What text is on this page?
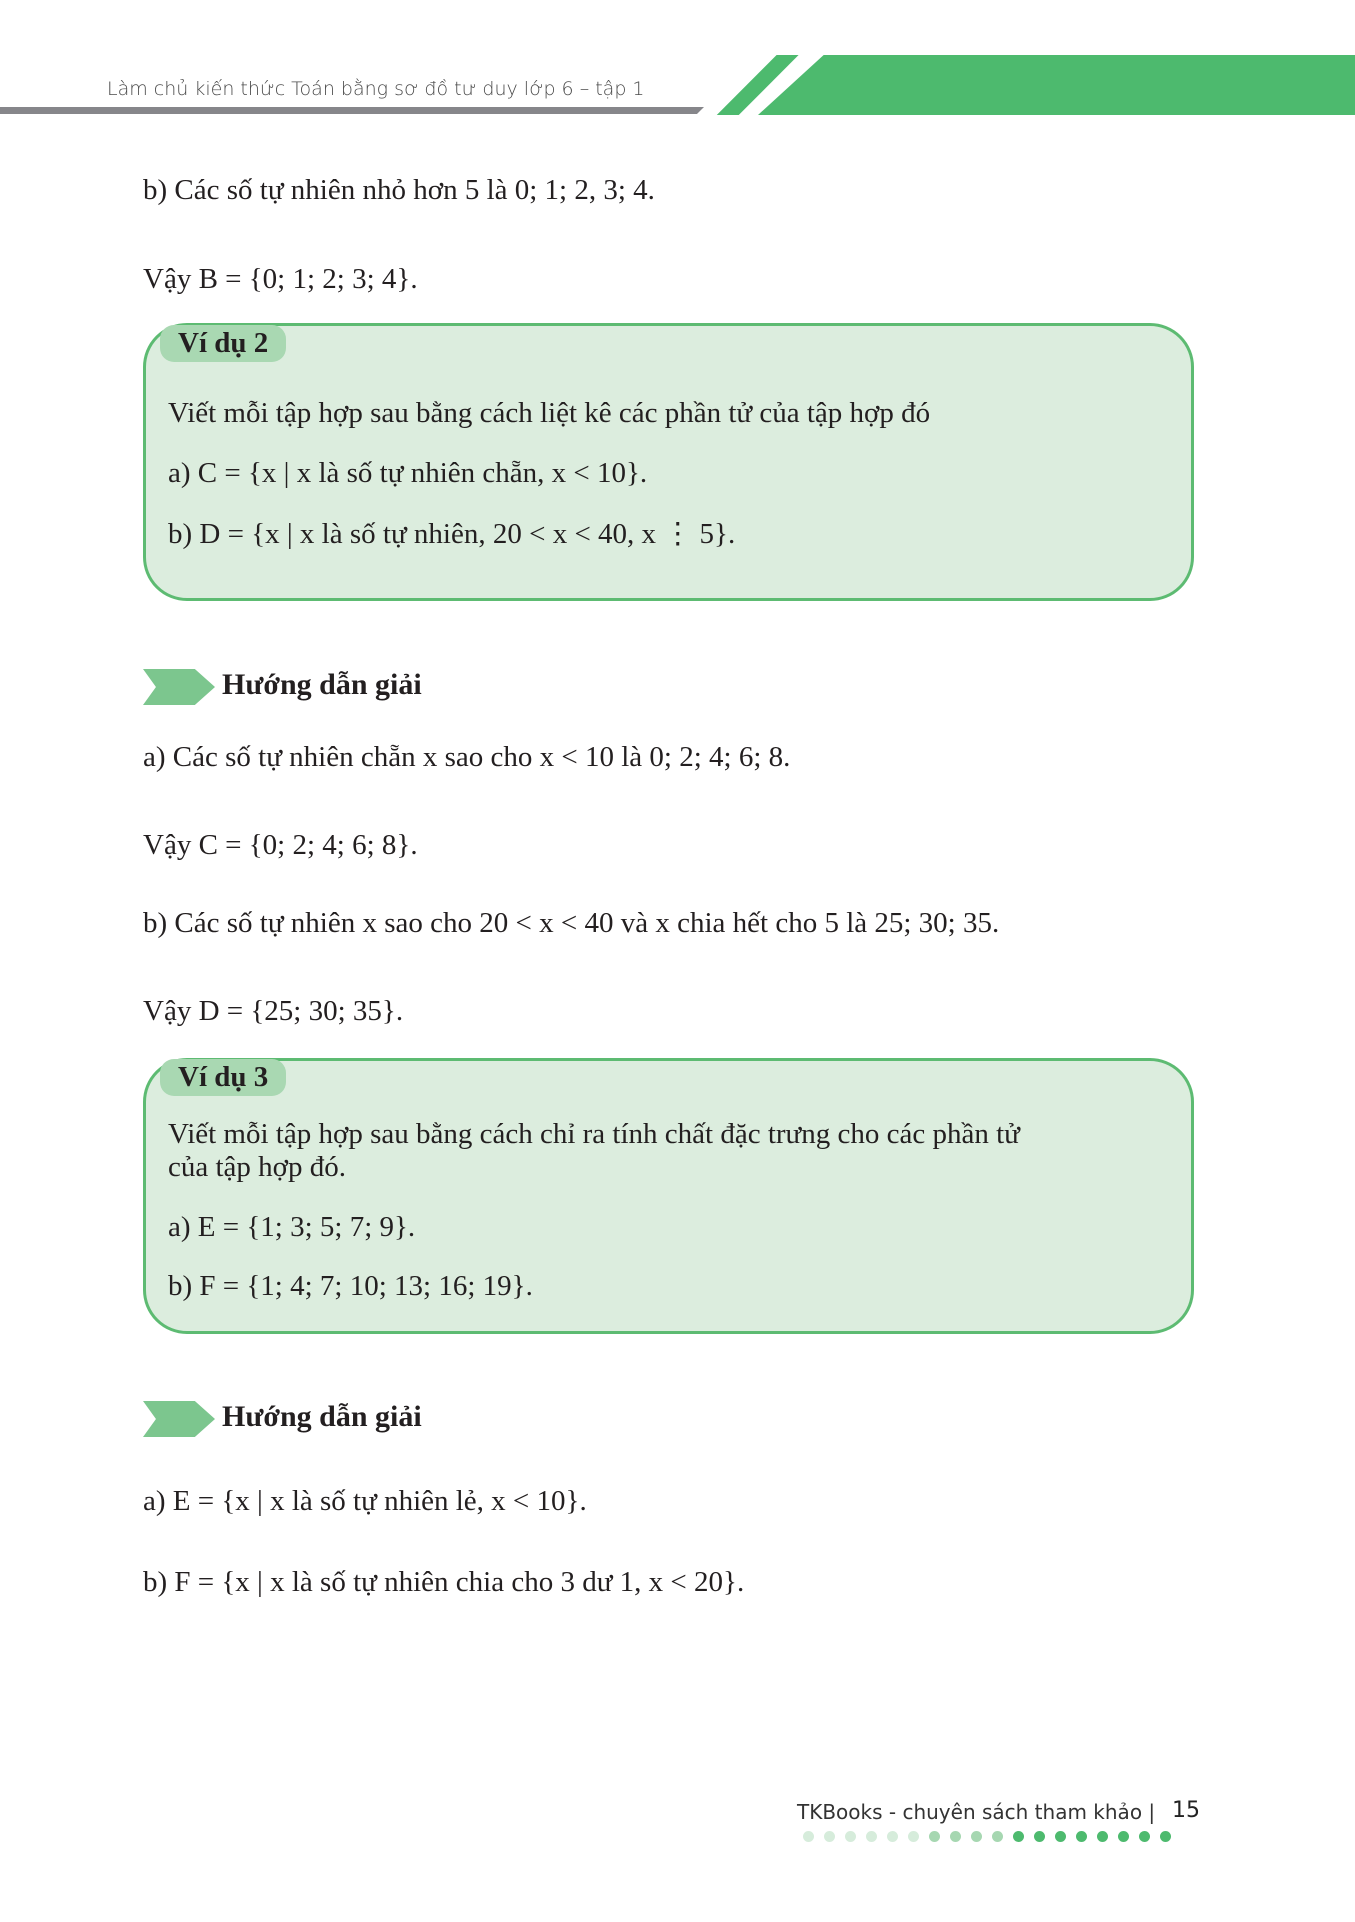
Làm chủ kiến thức Toán bằng sơ đồ tư duy lớp 6 – tập 1
b) Các số tự nhiên nhỏ hơn 5 là 0; 1; 2, 3; 4.
Vậy B = {0; 1; 2; 3; 4}.
Ví dụ 2
Viết mỗi tập hợp sau bằng cách liệt kê các phần tử của tập hợp đó
a) C = {x | x là số tự nhiên chẵn, x < 10}.
b) D = {x | x là số tự nhiên, 20 < x < 40, x ⋮ 5}.
Hướng dẫn giải
a) Các số tự nhiên chẵn x sao cho x < 10 là 0; 2; 4; 6; 8.
Vậy C = {0; 2; 4; 6; 8}.
b) Các số tự nhiên x sao cho 20 < x < 40 và x chia hết cho 5 là 25; 30; 35.
Vậy D = {25; 30; 35}.
Ví dụ 3
Viết mỗi tập hợp sau bằng cách chỉ ra tính chất đặc trưng cho các phần tử
của tập hợp đó.
a) E = {1; 3; 5; 7; 9}.
b) F = {1; 4; 7; 10; 13; 16; 19}.
Hướng dẫn giải
a) E = {x | x là số tự nhiên lẻ, x < 10}.
b) F = {x | x là số tự nhiên chia cho 3 dư 1, x < 20}.
TKBooks - chuyên sách tham khảo | 15
